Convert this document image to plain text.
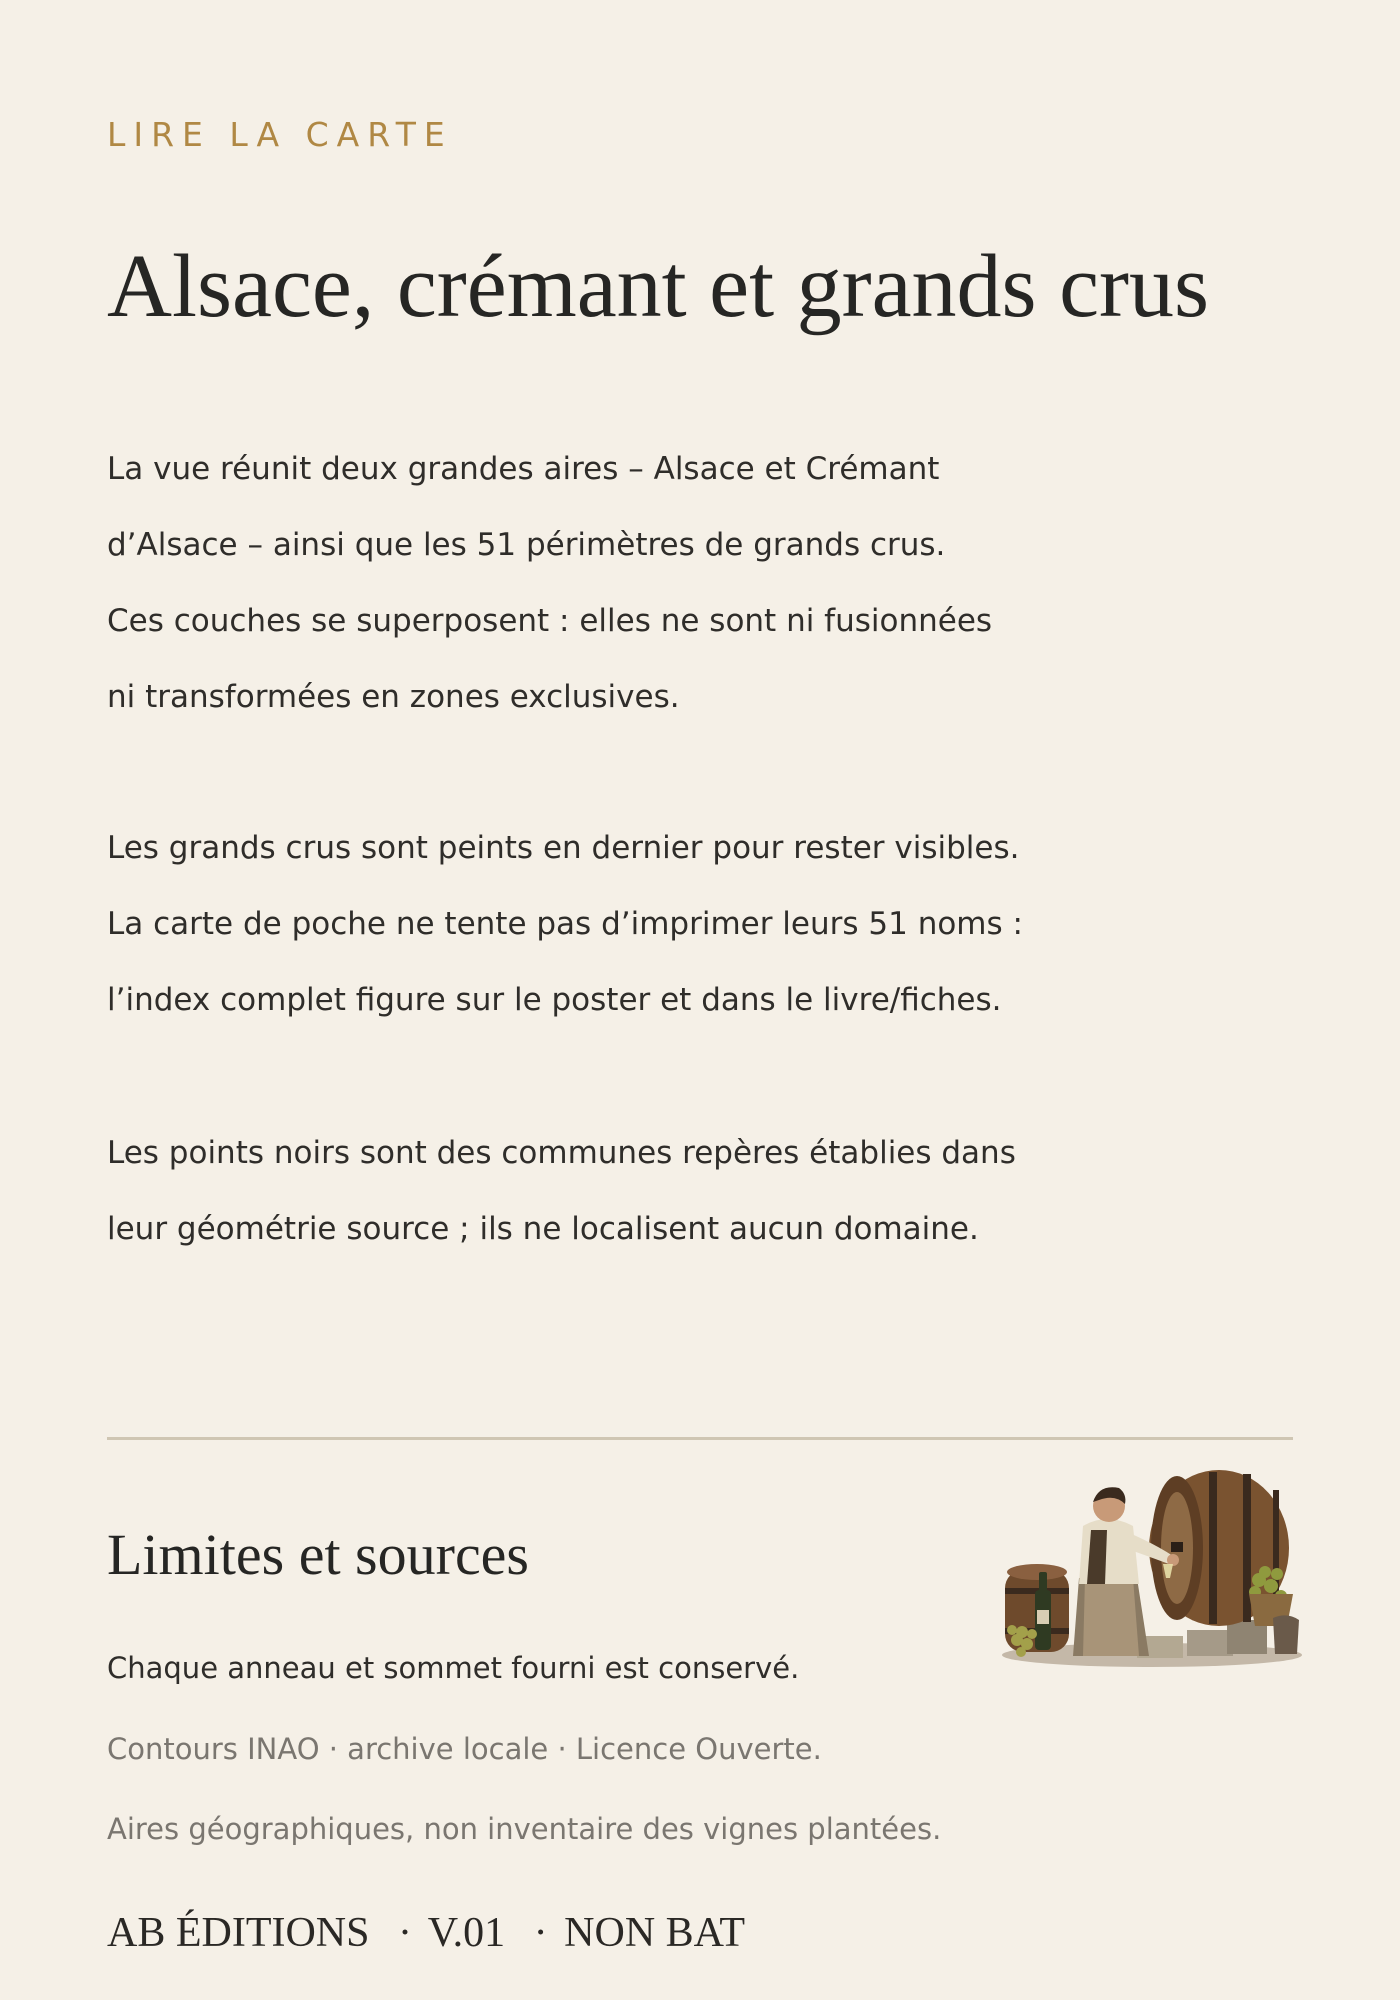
LIRE LA CARTE
Alsace, crémant et grands crus
La vue réunit deux grandes aires – Alsace et Crémant
d’Alsace – ainsi que les 51 périmètres de grands crus.
Ces couches se superposent : elles ne sont ni fusionnées
ni transformées en zones exclusives.
Les grands crus sont peints en dernier pour rester visibles.
La carte de poche ne tente pas d’imprimer leurs 51 noms :
l’index complet figure sur le poster et dans le livre/fiches.
Les points noirs sont des communes repères établies dans
leur géométrie source ; ils ne localisent aucun domaine.
Limites et sources
Chaque anneau et sommet fourni est conservé.
Contours INAO · archive locale · Licence Ouverte.
Aires géographiques, non inventaire des vignes plantées.
AB ÉDITIONS · V.01 · NON BAT
